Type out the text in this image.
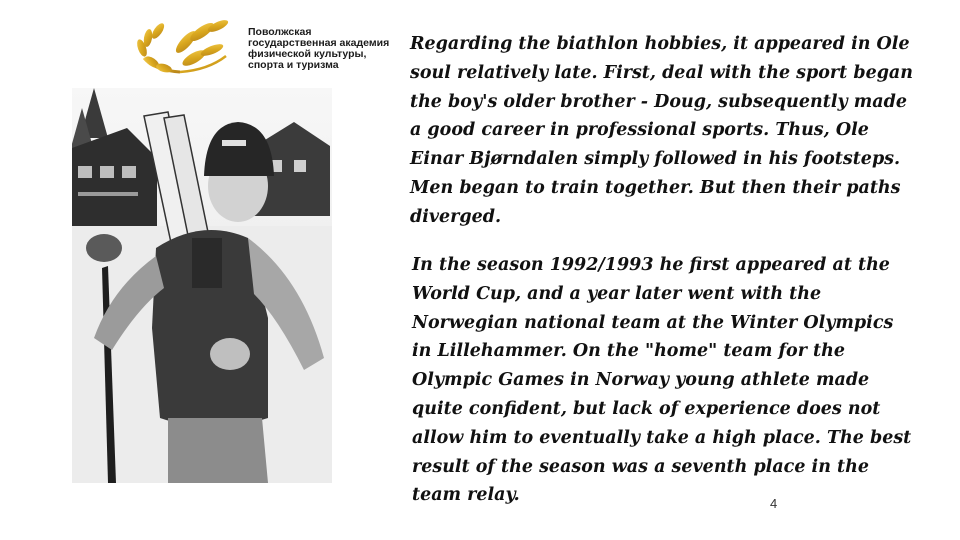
Поволжская
государственная академия
физической культуры,
спорта и туризма
Regarding the biathlon hobbies, it appeared in Ole
soul relatively late. First, deal with the sport began
the boy's older brother - Doug, subsequently made
a good career in professional sports. Thus, Ole
Einar Bjørndalen simply followed in his footsteps.
Men began to train together. But then their paths
diverged.
In the season 1992/1993 he first appeared at the
World Cup, and a year later went with the
Norwegian national team at the Winter Olympics
in Lillehammer. On the "home" team for the
Olympic Games in Norway young athlete made
quite confident, but lack of experience does not
allow him to eventually take a high place. The best
result of the season was a seventh place in the
team relay.	4
